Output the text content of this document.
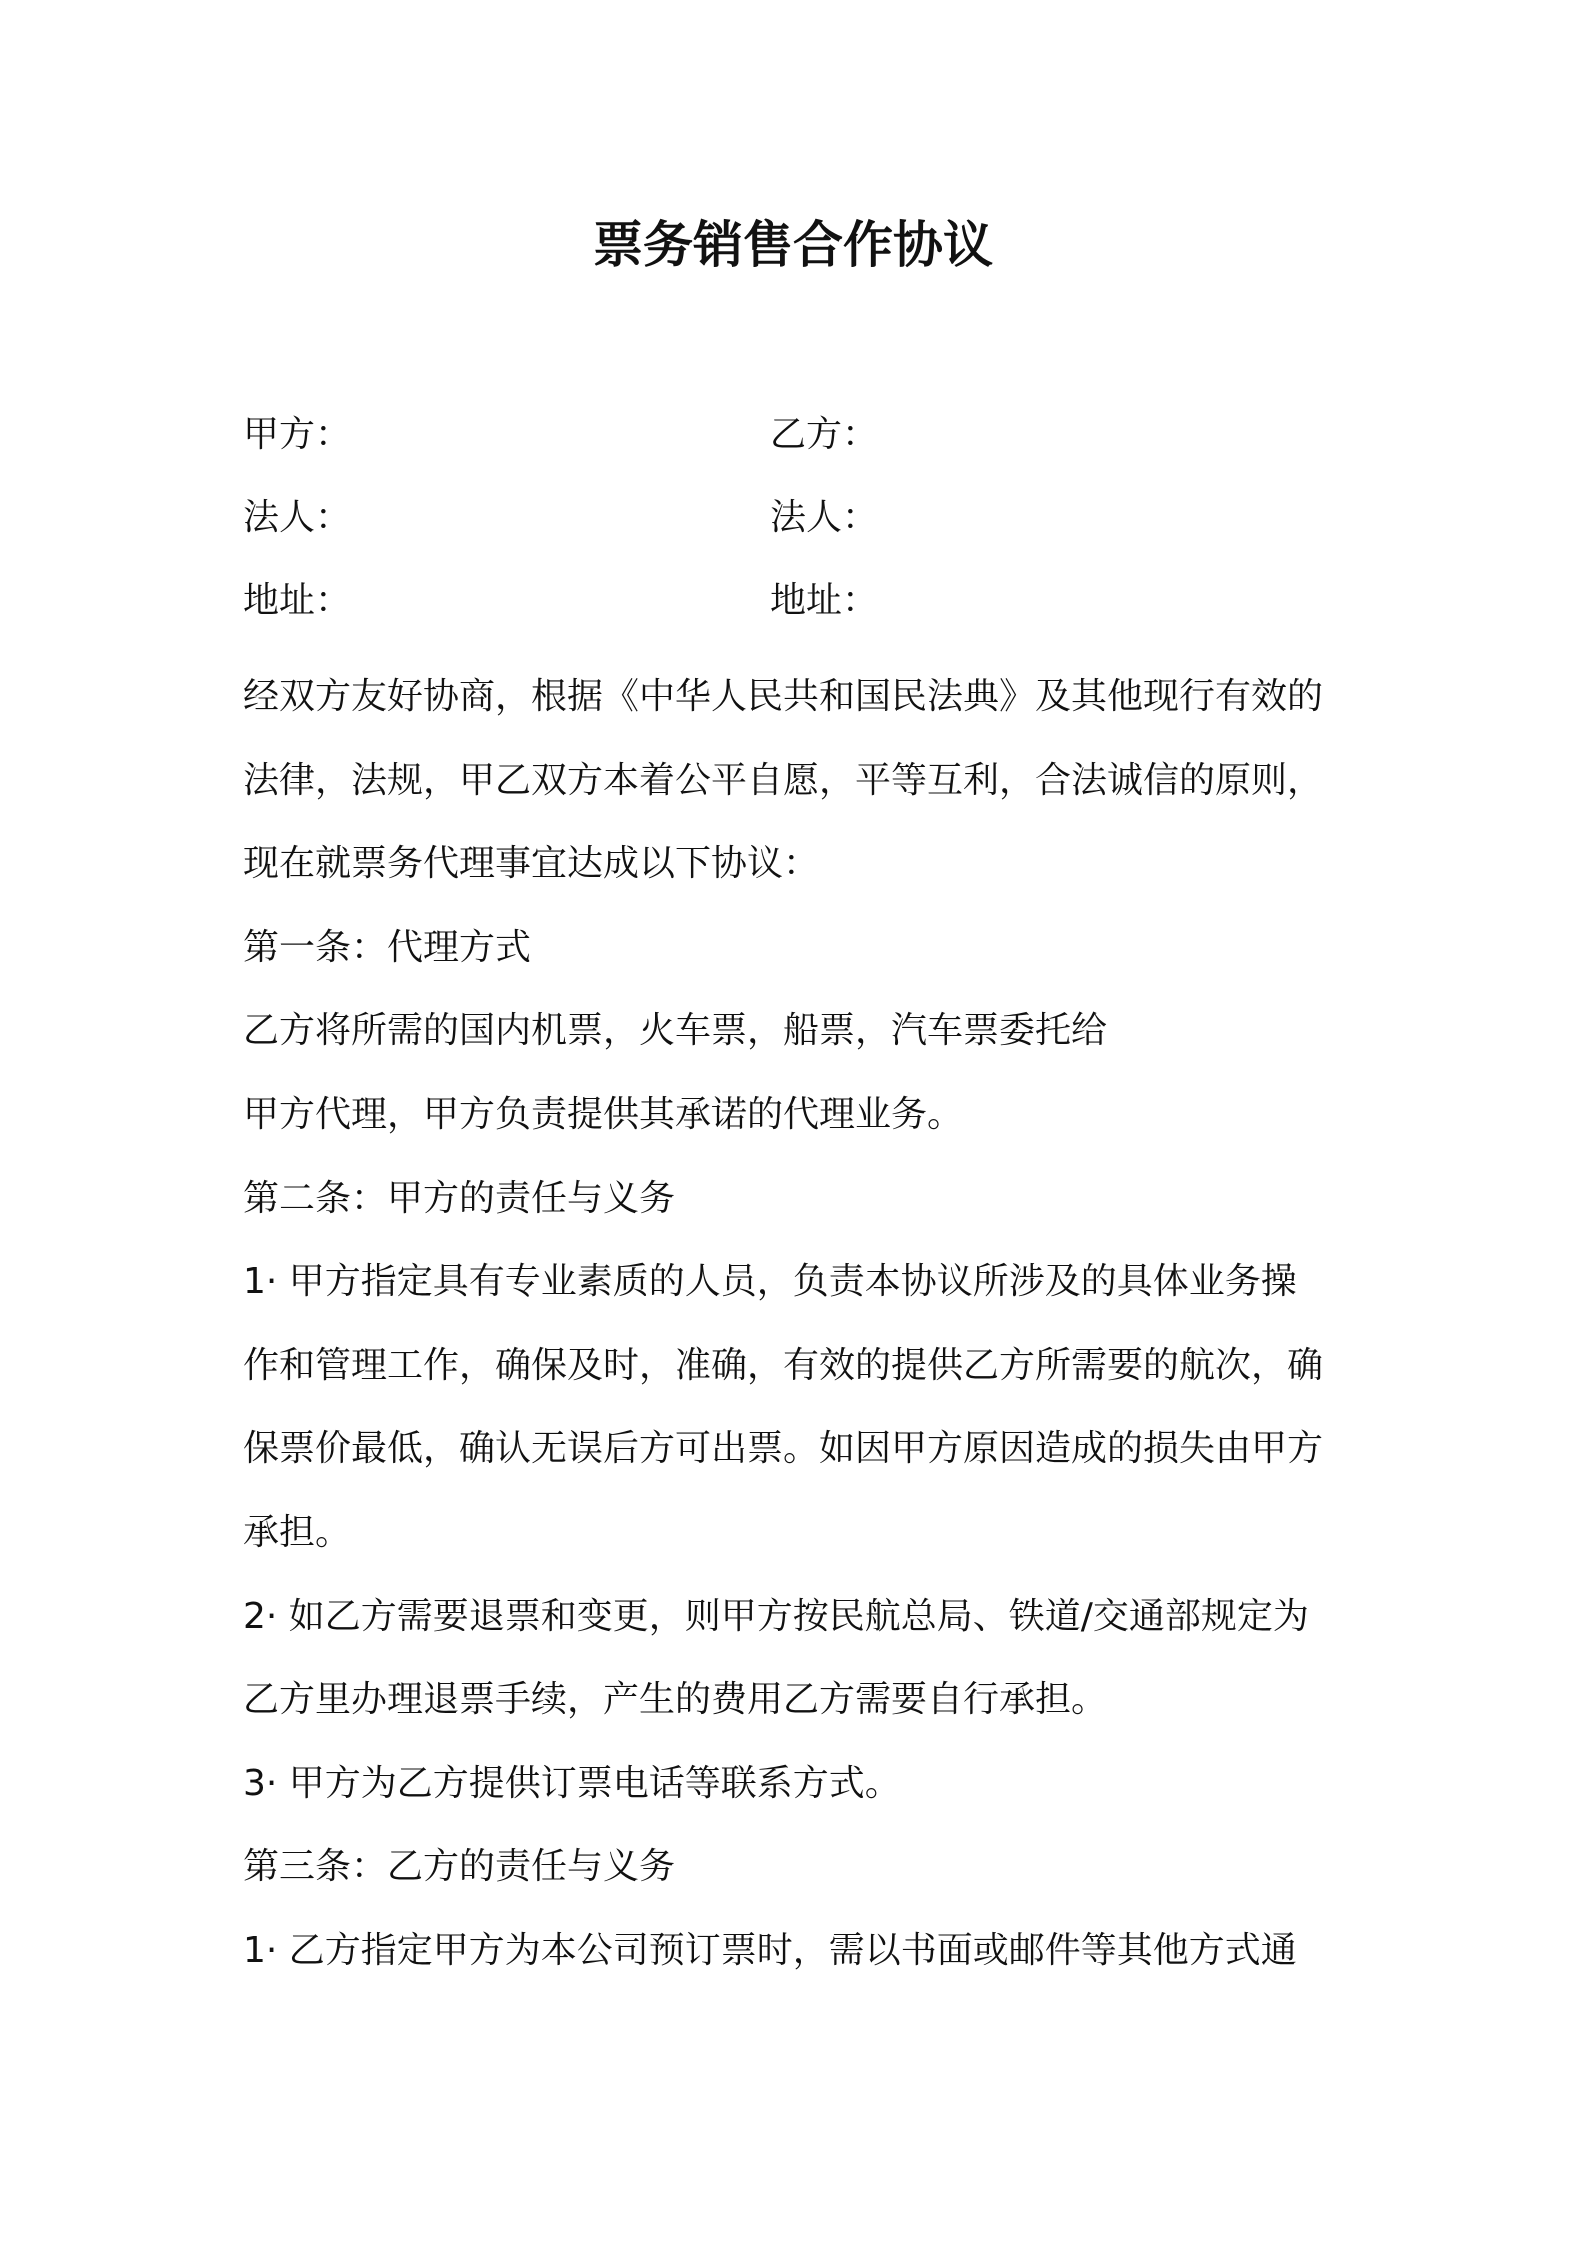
票务销售合作协议
甲方：	乙方：
法人：	法人：
地址：	地址：
经双方友好协商，根据《中华人民共和国民法典》及其他现行有效的
法律，法规，甲乙双方本着公平自愿，平等互利，合法诚信的原则，
现在就票务代理事宜达成以下协议：
第一条：代理方式
乙方将所需的国内机票，火车票，船票，汽车票委托给
甲方代理，甲方负责提供其承诺的代理业务。
第二条：甲方的责任与义务
1· 甲方指定具有专业素质的人员，负责本协议所涉及的具体业务操
作和管理工作，确保及时，准确，有效的提供乙方所需要的航次，确
保票价最低，确认无误后方可出票。如因甲方原因造成的损失由甲方
承担。
2· 如乙方需要退票和变更，则甲方按民航总局、铁道/交通部规定为
乙方里办理退票手续，产生的费用乙方需要自行承担。
3· 甲方为乙方提供订票电话等联系方式。
第三条：乙方的责任与义务
1· 乙方指定甲方为本公司预订票时，需以书面或邮件等其他方式通
